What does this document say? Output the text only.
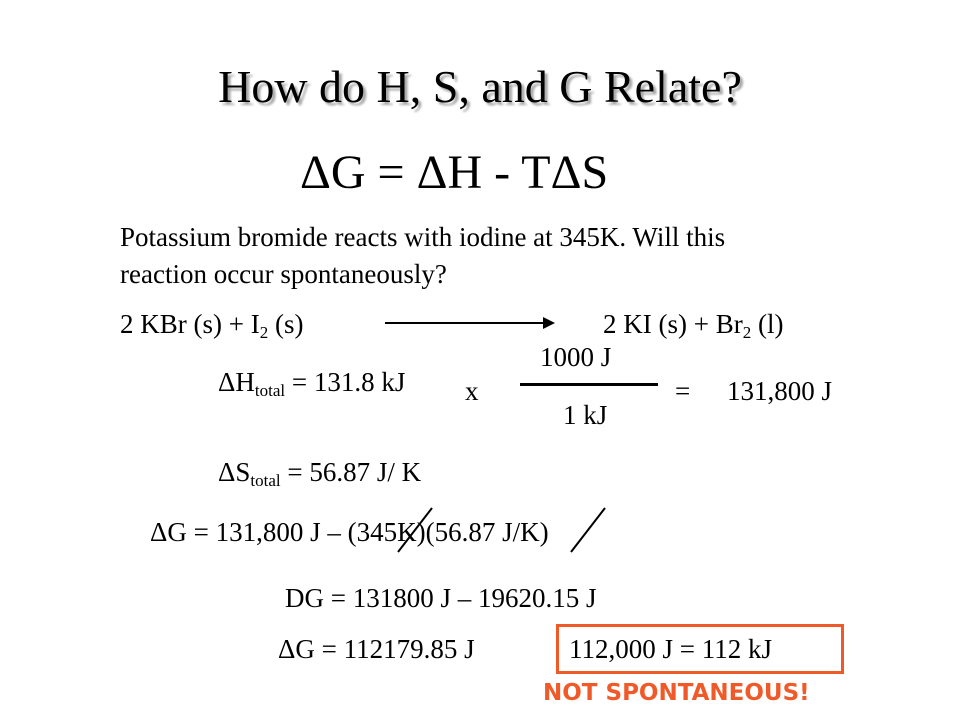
How do H, S, and G Relate?
ΔG = ΔH - TΔS
Potassium bromide reacts with iodine at 345K. Will this
reaction occur spontaneously?
2 KBr $(s) + I_2$ (s)	2 KI $(s) + Br_2$ (l)
$\Delta H_{total} = 131.8$ kJ x
1000 J
1 kJ
= 131,800 J
$\Delta S_{total} = 56.87$ J/ K
ΔG = 131,800 J – (345K)(56.87 J/K)
DG = 131800 J – 19620.15 J
ΔG = 112179.85 J	112,000 J = 112 kJ
NOT SPONTANEOUS!
